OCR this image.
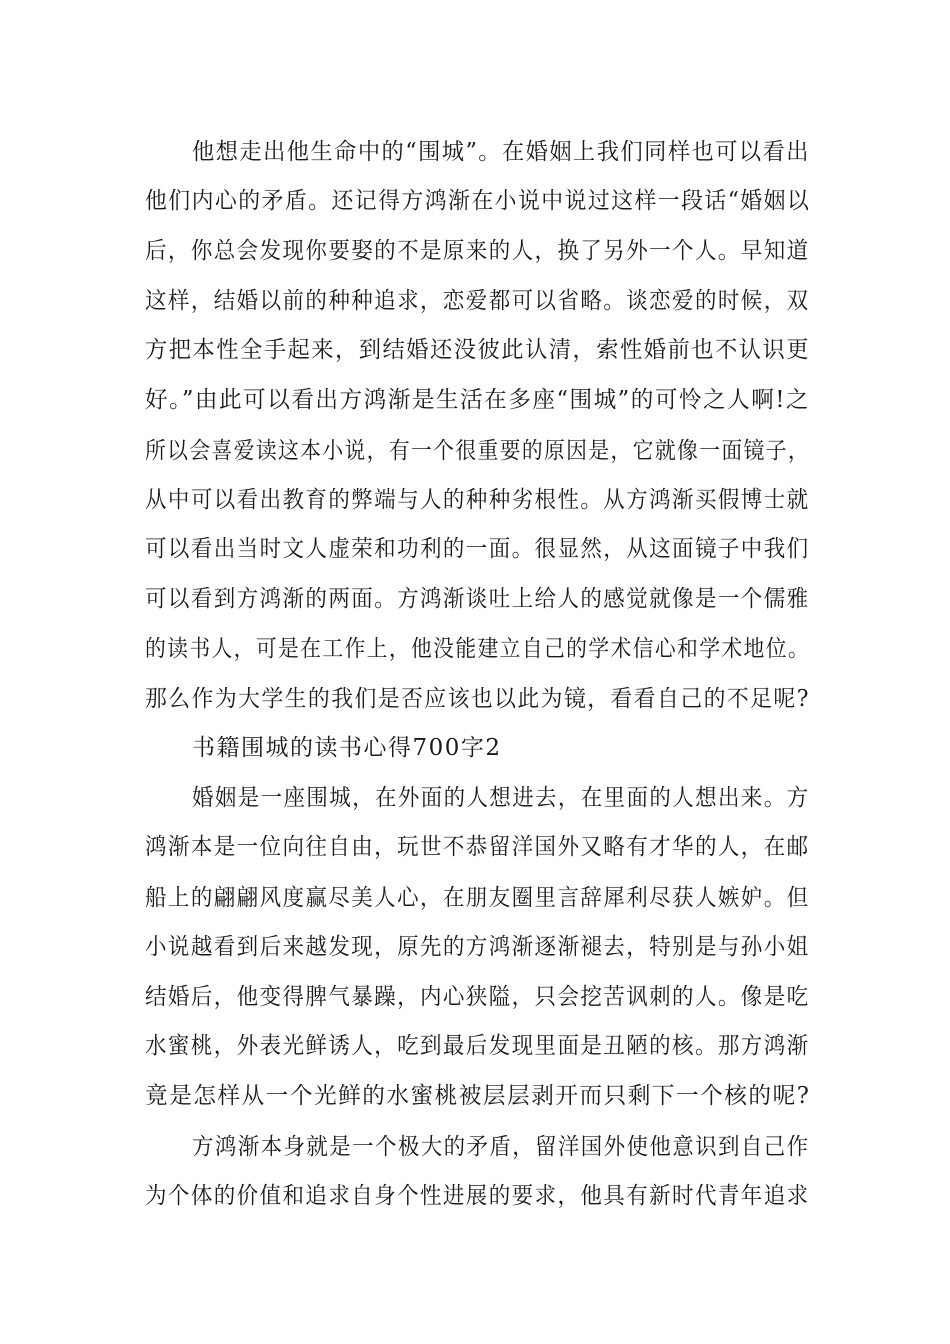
他想走出他生命中的“围城”。在婚姻上我们同样也可以看出
他们内心的矛盾。还记得方鸿渐在小说中说过这样一段话“婚姻以
后，你总会发现你要娶的不是原来的人，换了另外一个人。早知道
这样，结婚以前的种种追求，恋爱都可以省略。谈恋爱的时候，双
方把本性全手起来，到结婚还没彼此认清，索性婚前也不认识更
好。”由此可以看出方鸿渐是生活在多座“围城”的可怜之人啊!之
所以会喜爱读这本小说，有一个很重要的原因是，它就像一面镜子，
从中可以看出教育的弊端与人的种种劣根性。从方鸿渐买假博士就
可以看出当时文人虚荣和功利的一面。很显然，从这面镜子中我们
可以看到方鸿渐的两面。方鸿渐谈吐上给人的感觉就像是一个儒雅
的读书人，可是在工作上，他没能建立自己的学术信心和学术地位。
那么作为大学生的我们是否应该也以此为镜，看看自己的不足呢?
书籍围城的读书心得700字2
婚姻是一座围城，在外面的人想进去，在里面的人想出来。方
鸿渐本是一位向往自由，玩世不恭留洋国外又略有才华的人，在邮
船上的翩翩风度赢尽美人心，在朋友圈里言辞犀利尽获人嫉妒。但
小说越看到后来越发现，原先的方鸿渐逐渐褪去，特别是与孙小姐
结婚后，他变得脾气暴躁，内心狭隘，只会挖苦讽刺的人。像是吃
水蜜桃，外表光鲜诱人，吃到最后发现里面是丑陋的核。那方鸿渐
竟是怎样从一个光鲜的水蜜桃被层层剥开而只剩下一个核的呢?
方鸿渐本身就是一个极大的矛盾，留洋国外使他意识到自己作
为个体的价值和追求自身个性进展的要求，他具有新时代青年追求
